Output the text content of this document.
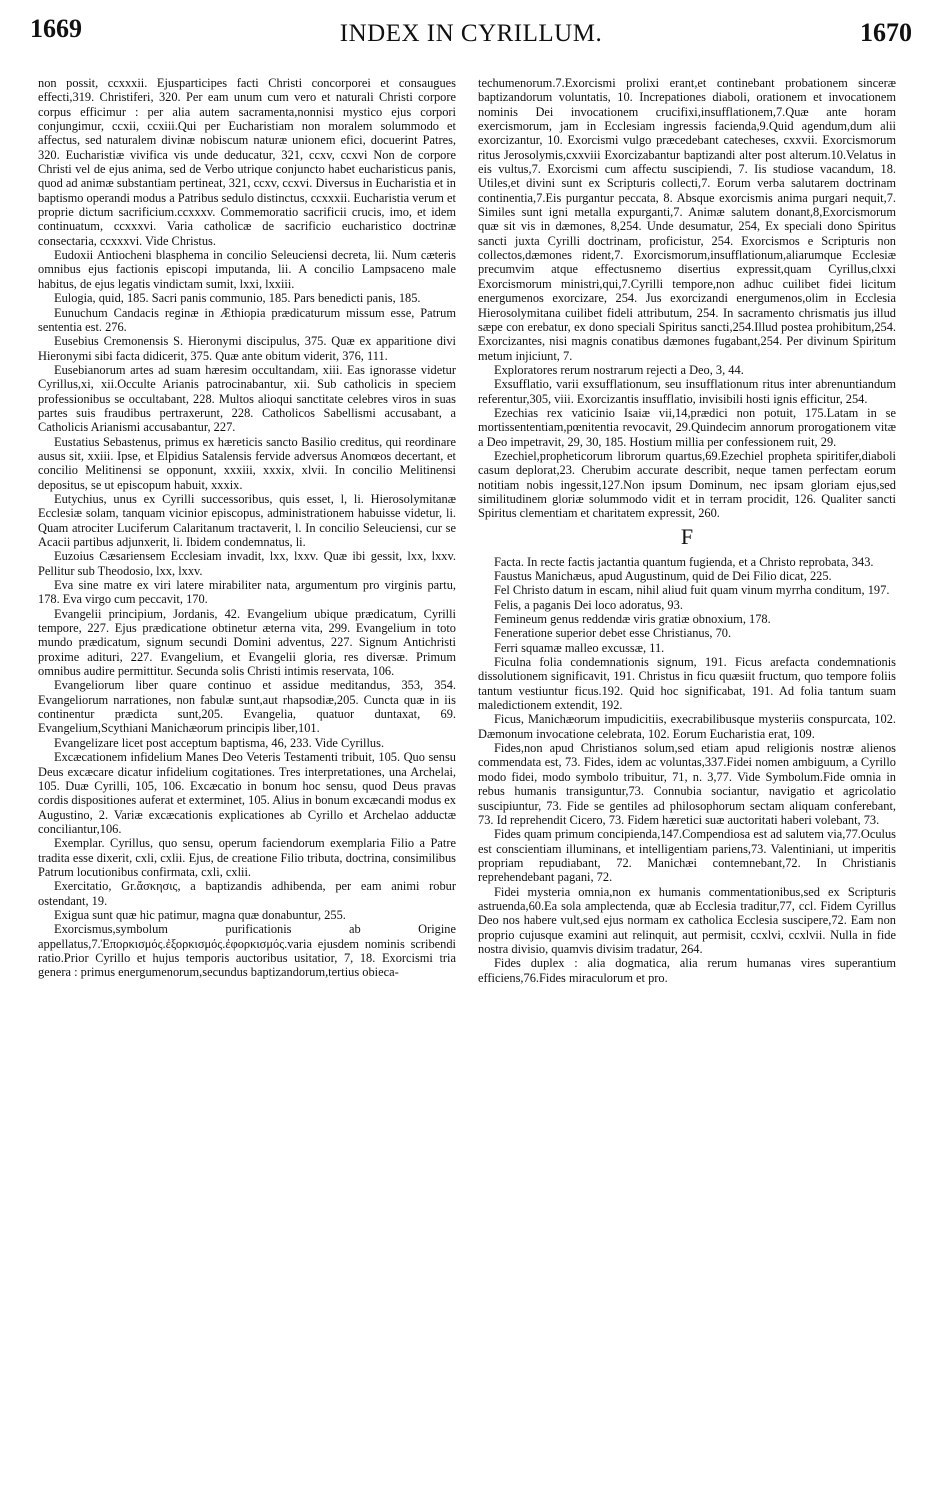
1669	INDEX IN CYRILLUM.	1670

non possit, ccxxxii. Ejusparticipes facti Christi concorporei et consaugues effecti,319. Christiferi, 320. Per eam unum cum vero et naturali Christi corpore corpus efficimur : per alia autem sacramenta,nonnisi mystico ejus corpori conjungimur, ccxii, ccxiii.Qui per Eucharistiam non moralem solummodo et affectus, sed naturalem divinæ nobiscum naturæ unionem efici, docuerint Patres, 320. Eucharistiæ vivifica vis unde deducatur, 321, ccxv, ccxvi Non de corpore Christi vel de ejus anima, sed de Verbo utrique conjuncto habet eucharisticus panis, quod ad animæ substantiam pertineat, 321, ccxv, ccxvi. Diversus in Eucharistia et in baptismo operandi modus a Patribus sedulo distinctus, ccxxxii. Eucharistia verum et proprie dictum sacrificium.ccxxxv. Commemoratio sacrificii crucis, imo, et idem continuatum, ccxxxvi. Varia catholicæ de sacrificio eucharistico doctrinæ consectaria, ccxxxvi. Vide Christus.

Eudoxii Antiocheni blasphema in concilio Seleuciensi decreta, lii. Num cæteris omnibus ejus factionis episcopi imputanda, lii. A concilio Lampsaceno male habitus, de ejus legatis vindictam sumit, lxxi, lxxiii.

Eulogia, quid, 185. Sacri panis communio, 185. Pars benedicti panis, 185.

Eunuchum Candacis reginæ in Æthiopia prædicaturum missum esse, Patrum sententia est. 276.

Eusebius Cremonensis S. Hieronymi discipulus, 375. Quæ ex apparitione divi Hieronymi sibi facta didicerit, 375. Quæ ante obitum viderit, 376, 111.

Eusebianorum artes ad suam hæresim occultandam, xiii. Eas ignorasse videtur Cyrillus,xi, xii.Occulte Arianis patrocinabantur, xii. Sub catholicis in speciem professionibus se occultabant, 228. Multos alioqui sanctitate celebres viros in suas partes suis fraudibus pertraxerunt, 228. Catholicos Sabellismi accusabant, a Catholicis Arianismi accusabantur, 227.

Eustatius Sebastenus, primus ex hæreticis sancto Basilio creditus, qui reordinare ausus sit, xxiii. Ipse, et Elpidius Satalensis fervide adversus Anomœos decertant, et concilio Melitinensi se opponunt, xxxiii, xxxix, xlvii. In concilio Melitinensi depositus, se ut episcopum habuit, xxxix.

Eutychius, unus ex Cyrilli successoribus, quis esset, l, li. Hierosolymitanæ Ecclesiæ solam, tanquam vicinior episcopus, administrationem habuisse videtur, li. Quam atrociter Luciferum Calaritanum tractaverit, l. In concilio Seleuciensi, cur se Acacii partibus adjunxerit, li. Ibidem condemnatus, li.

Euzoius Cæsariensem Ecclesiam invadit, lxx, lxxv. Quæ ibi gessit, lxx, lxxv. Pellitur sub Theodosio, lxx, lxxv.

Eva sine matre ex viri latere mirabiliter nata, argumentum pro virginis partu, 178. Eva virgo cum peccavit, 170.

Evangelii principium, Jordanis, 42. Evangelium ubique prædicatum, Cyrilli tempore, 227. Ejus prædicatione obtinetur æterna vita, 299. Evangelium in toto mundo prædicatum, signum secundi Domini adventus, 227. Signum Antichristi proxime adituri, 227. Evangelium, et Evangelii gloria, res diversæ. Primum omnibus audire permittitur. Secunda solis Christi intimis reservata, 106.

Evangeliorum liber quare continuo et assidue meditandus, 353, 354. Evangeliorum narrationes, non fabulæ sunt,aut rhapsodiæ,205. Cuncta quæ in iis continentur prædicta sunt,205. Evangelia, quatuor duntaxat, 69. Evangelium,Scythiani Manichæorum principis liber,101.

Evangelizare licet post acceptum baptisma, 46, 233. Vide Cyrillus.

Excæcationem infidelium Manes Deo Veteris Testamenti tribuit, 105. Quo sensu Deus excæcare dicatur infidelium cogitationes. Tres interpretationes, una Archelai, 105. Duæ Cyrilli, 105, 106. Excæcatio in bonum hoc sensu, quod Deus pravas cordis dispositiones auferat et exterminet, 105. Alius in bonum excæcandi modus ex Augustino, 2. Variæ excæcationis explicationes ab Cyrillo et Archelao adductæ conciliantur,106.

Exemplar. Cyrillus, quo sensu, operum faciendorum exemplaria Filio a Patre tradita esse dixerit, cxli, cxlii. Ejus, de creatione Filio tributa, doctrina, consimilibus Patrum locutionibus confirmata, cxli, cxlii.

Exercitatio, Gr.ἄσκησις, a baptizandis adhibenda, per eam animi robur ostendant, 19.

Exigua sunt quæ hic patimur, magna quæ donabuntur, 255.

Exorcismus,symbolum purificationis ab Origine appellatus,7.Ἐπορκισμός.ἐξορκισμός.ἐφορκισμός.varia ejusdem nominis scribendi ratio.Prior Cyrillo et hujus temporis auctoribus usitatior, 7, 18. Exorcismi tria genera : primus energumenorum,secundus baptizandorum,tertius obieca-

techumenorum.7.Exorcismi prolixi erant,et continebant probationem sinceræ baptizandorum voluntatis, 10. Increpationes diaboli, orationem et invocationem nominis Dei invocationem crucifixi,insufflationem,7.Quæ ante horam exercismorum, jam in Ecclesiam ingressis facienda,9.Quid agendum,dum alii exorcizantur, 10. Exorcismi vulgo præcedebant catecheses, cxxvii. Exorcismorum ritus Jerosolymis,cxxviii Exorcizabantur baptizandi alter post alterum.10.Velatus in eis vultus,7. Exorcismi cum affectu suscipiendi, 7. Iis studiose vacandum, 18. Utiles,et divini sunt ex Scripturis collecti,7. Eorum verba salutarem doctrinam continentia,7.Eis purgantur peccata, 8. Absque exorcismis anima purgari nequit,7. Similes sunt igni metalla expurganti,7. Animæ salutem donant,8,Exorcismorum quæ sit vis in dæmones, 8,254. Unde desumatur, 254, Ex speciali dono Spiritus sancti juxta Cyrilli doctrinam, proficistur, 254. Exorcismos e Scripturis non collectos,dæmones rident,7. Exorcismorum,insufflationum,aliarumque Ecclesiæ precumvim atque effectusnemo disertius expressit,quam Cyrillus,clxxi Exorcismorum ministri,qui,7.Cyrilli tempore,non adhuc cuilibet fidei licitum energumenos exorcizare, 254. Jus exorcizandi energumenos,olim in Ecclesia Hierosolymitana cuilibet fideli attributum, 254. In sacramento chrismatis jus illud sæpe con erebatur, ex dono speciali Spiritus sancti,254.Illud postea prohibitum,254. Exorcizantes, nisi magnis conatibus dæmones fugabant,254. Per divinum Spiritum metum injiciunt, 7.

Exploratores rerum nostrarum rejecti a Deo, 3, 44.

Exsufflatio, varii exsufflationum, seu insufflationum ritus inter abrenuntiandum referentur,305, viii. Exorcizantis insufflatio, invisibili hosti ignis efficitur, 254.

Ezechias rex vaticinio Isaiæ vii,14,prædici non potuit, 175.Latam in se mortissententiam,pœnitentia revocavit, 29.Quindecim annorum prorogationem vitæ a Deo impetravit, 29, 30, 185. Hostium millia per confessionem ruit, 29.

Ezechiel,propheticorum librorum quartus,69.Ezechiel propheta spiritifer,diaboli casum deplorat,23. Cherubim accurate describit, neque tamen perfectam eorum notitiam nobis ingessit,127.Non ipsum Dominum, nec ipsam gloriam ejus,sed similitudinem gloriæ solummodo vidit et in terram procidit, 126. Qualiter sancti Spiritus clementiam et charitatem expressit, 260.

F

Facta. In recte factis jactantia quantum fugienda, et a Christo reprobata, 343.

Faustus Manichæus, apud Augustinum, quid de Dei Filio dicat, 225.

Fel Christo datum in escam, nihil aliud fuit quam vinum myrrha conditum, 197.

Felis, a paganis Dei loco adoratus, 93.

Femineum genus reddendæ viris gratiæ obnoxium, 178.

Feneratione superior debet esse Christianus, 70.

Ferri squamæ malleo excussæ, 11.

Ficulna folia condemnationis signum, 191. Ficus arefacta condemnationis dissolutionem significavit, 191. Christus in ficu quæsiit fructum, quo tempore foliis tantum vestiuntur ficus.192. Quid hoc significabat, 191. Ad folia tantum suam maledictionem extendit, 192.

Ficus, Manichæorum impudicitiis, execrabilibusque mysteriis conspurcata, 102. Dæmonum invocatione celebrata, 102. Eorum Eucharistia erat, 109.

Fides,non apud Christianos solum,sed etiam apud religionis nostræ alienos commendata est, 73. Fides, idem ac voluntas,337.Fidei nomen ambiguum, a Cyrillo modo fidei, modo symbolo tribuitur, 71, n. 3,77. Vide Symbolum.Fide omnia in rebus humanis transiguntur,73. Connubia sociantur, navigatio et agricolatio suscipiuntur, 73. Fide se gentiles ad philosophorum sectam aliquam conferebant, 73. Id reprehendit Cicero, 73. Fidem hæretici suæ auctoritati haberi volebant, 73.

Fides quam primum concipienda,147.Compendiosa est ad salutem via,77.Oculus est conscientiam illuminans, et intelligentiam pariens,73. Valentiniani, ut imperitis propriam repudiabant, 72. Manichæi contemnebant,72. In Christianis reprehendebant pagani, 72.

Fidei mysteria omnia,non ex humanis commentationibus,sed ex Scripturis astruenda,60.Ea sola amplectenda, quæ ab Ecclesia traditur,77, ccl. Fidem Cyrillus Deo nos habere vult,sed ejus normam ex catholica Ecclesia suscipere,72. Eam non proprio cujusque examini aut relinquit, aut permisit, ccxlvi, ccxlvii. Nulla in fide nostra divisio, quamvis divisim tradatur, 264.

Fides duplex : alia dogmatica, alia rerum humanas vires superantium efficiens,76.Fides miraculorum et pro.
